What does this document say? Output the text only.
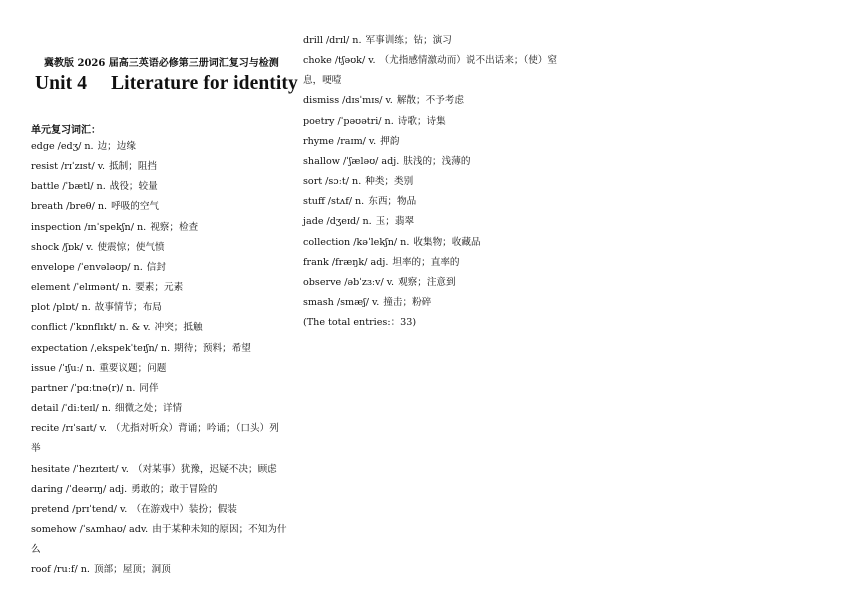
冀教版 2026 届高三英语必修第三册词汇复习与检测
Unit 4 Literature for identity
单元复习词汇：
edge /edʒ/ n. 边；边缘
resist /rɪˈzɪst/ v. 抵制；阻挡
battle /ˈbætl/ n. 战役；较量
breath /breθ/ n. 呼吸的空气
inspection /ɪnˈspekʃn/ n. 视察；检查
shock /ʃɒk/ v. 使震惊；使气愤
envelope /ˈenvələʊp/ n. 信封
element /ˈelɪmənt/ n. 要素；元素
plot /plɒt/ n. 故事情节；布局
conflict /ˈkɒnflɪkt/ n. & v. 冲突；抵触
expectation /ˌekspekˈteɪʃn/ n. 期待；预料；希望
issue /ˈɪʃuː/ n. 重要议题；问题
partner /ˈpɑːtnə(r)/ n. 同伴
detail /ˈdiːteɪl/ n. 细微之处；详情
recite /rɪˈsaɪt/ v. （尤指对听众）背诵；吟诵；（口头）列举
hesitate /ˈhezɪteɪt/ v. （对某事）犹豫，迟疑不决；顾虑
daring /ˈdeərɪŋ/ adj. 勇敢的；敢于冒险的
pretend /prɪˈtend/ v. （在游戏中）装扮；假装
somehow /ˈsʌmhaʊ/ adv. 由于某种未知的原因；不知为什么
roof /ruːf/ n. 顶部；屋顶；洞顶
drill /drɪl/ n. 军事训练；钻；演习
choke /tʃəʊk/ v. （尤指感情激动而）说不出话来；（使）窒息，哽噎
dismiss /dɪsˈmɪs/ v. 解散；不予考虑
poetry /ˈpəʊətri/ n. 诗歌；诗集
rhyme /raɪm/ v. 押韵
shallow /ˈʃæləʊ/ adj. 肤浅的；浅薄的
sort /sɔːt/ n. 种类；类别
stuff /stʌf/ n. 东西；物品
jade /dʒeɪd/ n. 玉；翡翠
collection /kəˈlekʃn/ n. 收集物；收藏品
frank /fræŋk/ adj. 坦率的；直率的
observe /əbˈzɜːv/ v. 观察；注意到
smash /smæʃ/ v. 撞击；粉碎
(The total entries:：33)
